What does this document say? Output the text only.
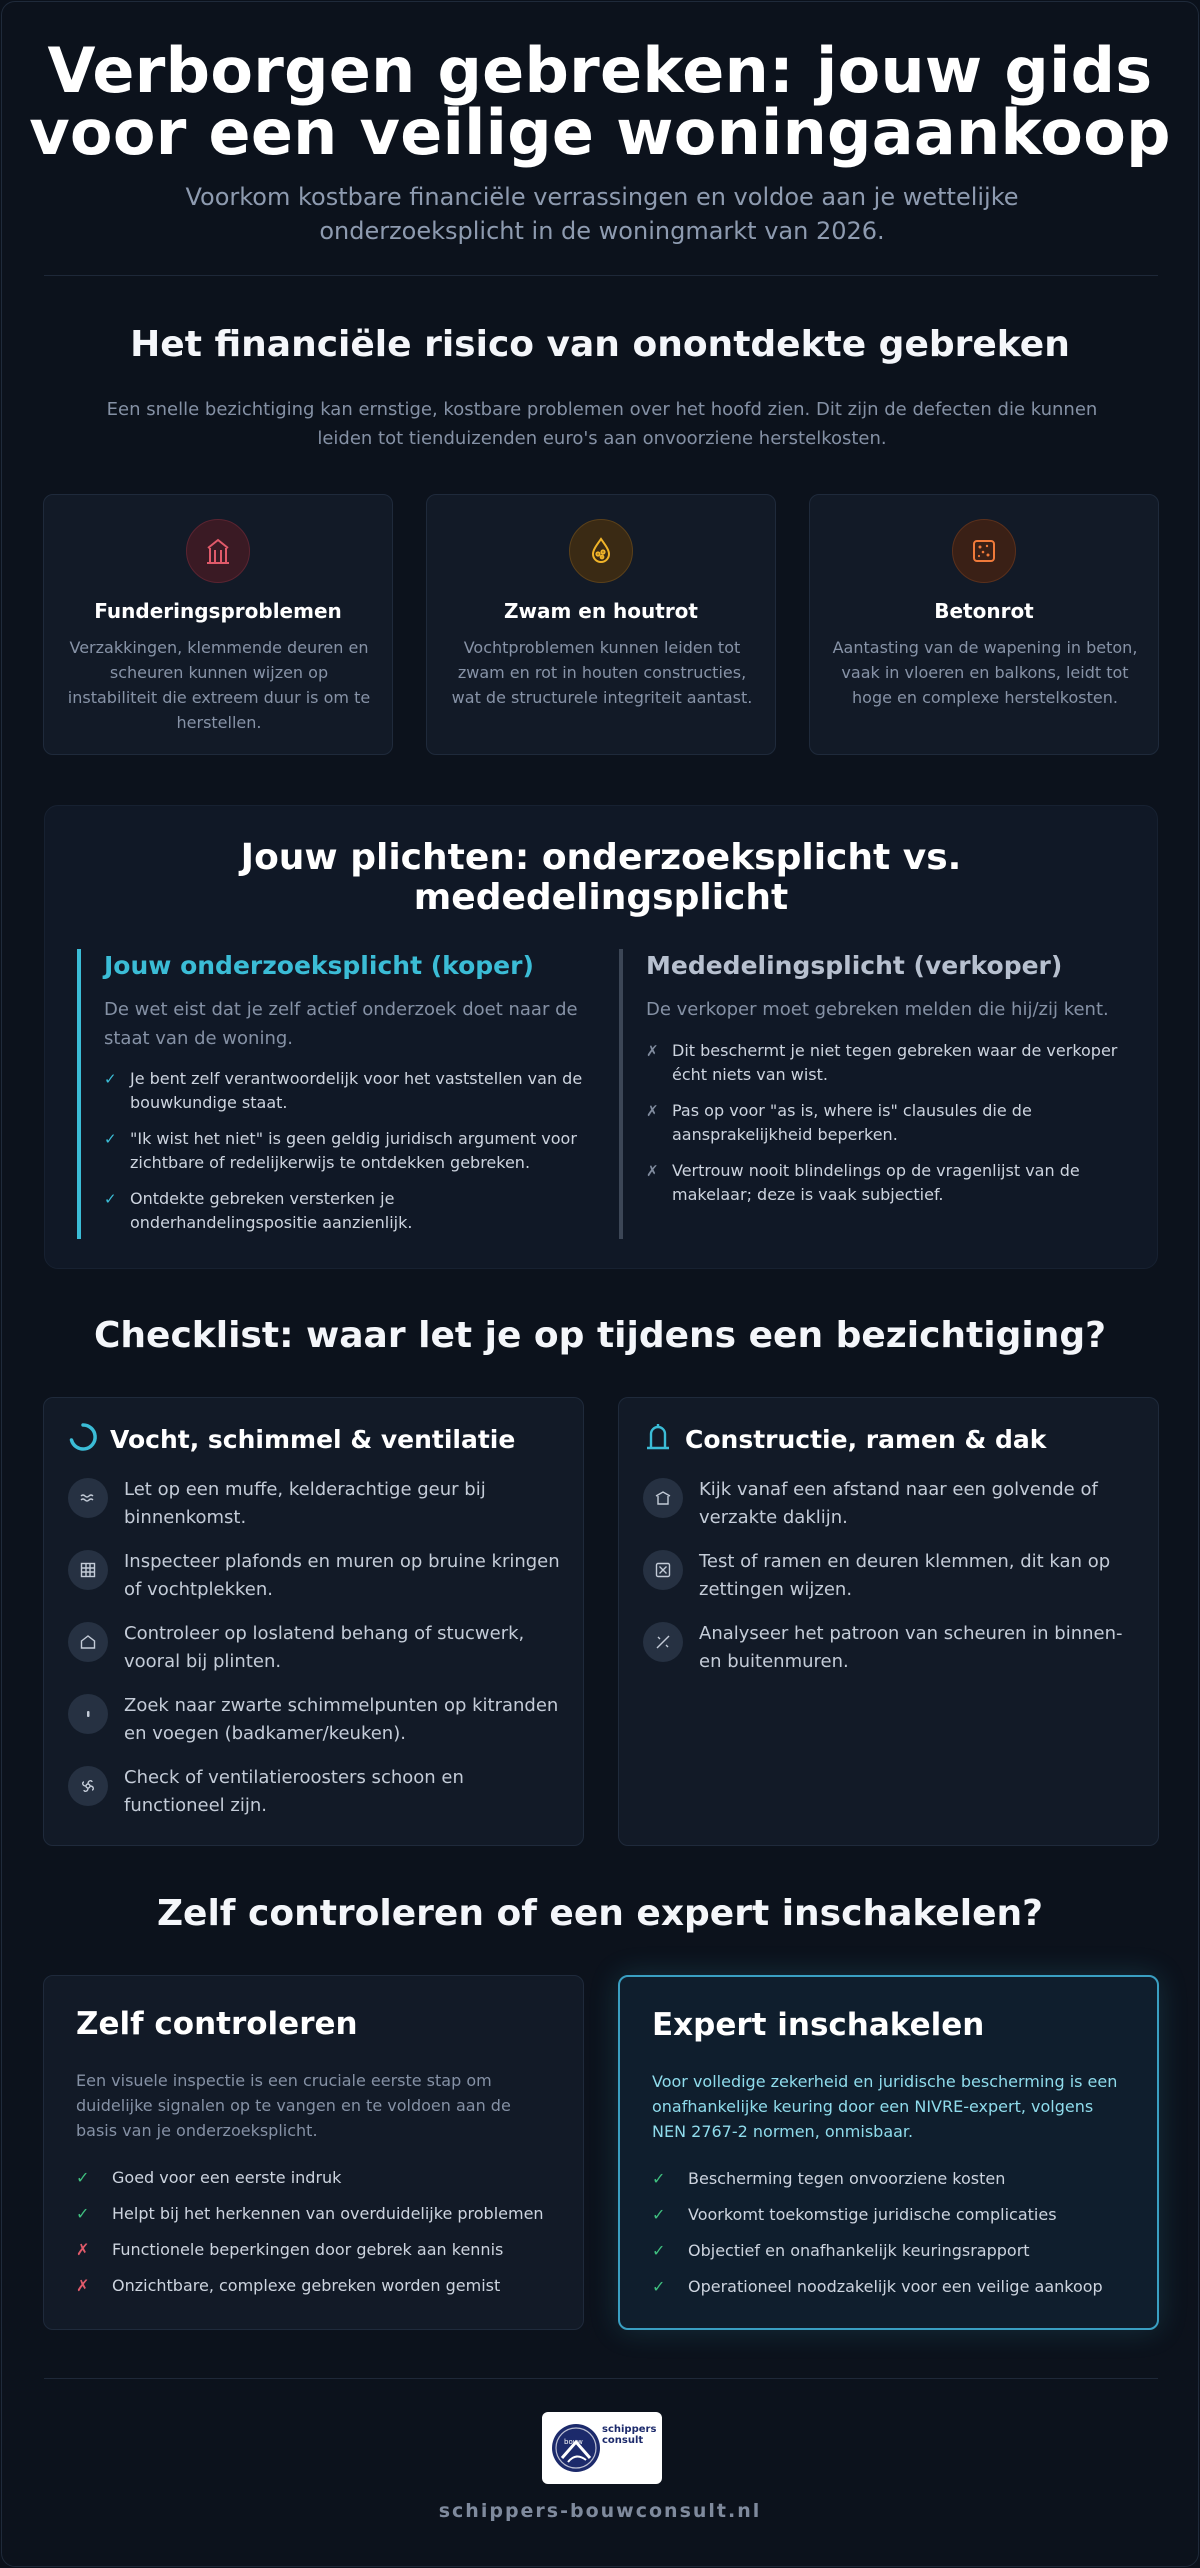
Verborgen gebreken: jouw gids
voor een veilige woningaankoop
Voorkom kostbare financiële verrassingen en voldoe aan je wettelijke
onderzoeksplicht in de woningmarkt van 2026.
Het financiële risico van onontdekte gebreken
Een snelle bezichtiging kan ernstige, kostbare problemen over het hoofd zien. Dit zijn de defecten die kunnen
leiden tot tienduizenden euro's aan onvoorziene herstelkosten.
Funderingsproblemen
Verzakkingen, klemmende deuren en scheuren kunnen wijzen op instabiliteit die extreem duur is om te herstellen.
Zwam en houtrot
Vochtproblemen kunnen leiden tot zwam en rot in houten constructies, wat de structurele integriteit aantast.
Betonrot
Aantasting van de wapening in beton, vaak in vloeren en balkons, leidt tot hoge en complexe herstelkosten.
Jouw plichten: onderzoeksplicht vs.
mededelingsplicht
Jouw onderzoeksplicht (koper)
De wet eist dat je zelf actief onderzoek doet naar de
staat van de woning.
✓ Je bent zelf verantwoordelijk voor het vaststellen van de
bouwkundige staat.
✓ "Ik wist het niet" is geen geldig juridisch argument voor
zichtbare of redelijkerwijs te ontdekken gebreken.
✓ Ontdekte gebreken versterken je
onderhandelingspositie aanzienlijk.
Mededelingsplicht (verkoper)
De verkoper moet gebreken melden die hij/zij kent.
✗ Dit beschermt je niet tegen gebreken waar de verkoper
écht niets van wist.
✗ Pas op voor "as is, where is" clausules die de
aansprakelijkheid beperken.
✗ Vertrouw nooit blindelings op de vragenlijst van de
makelaar; deze is vaak subjectief.
Checklist: waar let je op tijdens een bezichtiging?
Vocht, schimmel & ventilatie
Let op een muffe, kelderachtige geur bij
binnenkomst.
Inspecteer plafonds en muren op bruine kringen
of vochtplekken.
Controleer op loslatend behang of stucwerk,
vooral bij plinten.
Zoek naar zwarte schimmelpunten op kitranden
en voegen (badkamer/keuken).
Check of ventilatieroosters schoon en
functioneel zijn.
Constructie, ramen & dak
Kijk vanaf een afstand naar een golvende of
verzakte daklijn.
Test of ramen en deuren klemmen, dit kan op
zettingen wijzen.
Analyseer het patroon van scheuren in binnen-
en buitenmuren.
Zelf controleren of een expert inschakelen?
Zelf controleren
Een visuele inspectie is een cruciale eerste stap om
duidelijke signalen op te vangen en te voldoen aan de
basis van je onderzoeksplicht.
✓ Goed voor een eerste indruk
✓ Helpt bij het herkennen van overduidelijke problemen
✗ Functionele beperkingen door gebrek aan kennis
✗ Onzichtbare, complexe gebreken worden gemist
Expert inschakelen
Voor volledige zekerheid en juridische bescherming is een
onafhankelijke keuring door een NIVRE-expert, volgens
NEN 2767-2 normen, onmisbaar.
✓ Bescherming tegen onvoorziene kosten
✓ Voorkomt toekomstige juridische complicaties
✓ Objectief en onafhankelijk keuringsrapport
✓ Operationeel noodzakelijk voor een veilige aankoop
schippers
consult
bouw
schippers-bouwconsult.nl
